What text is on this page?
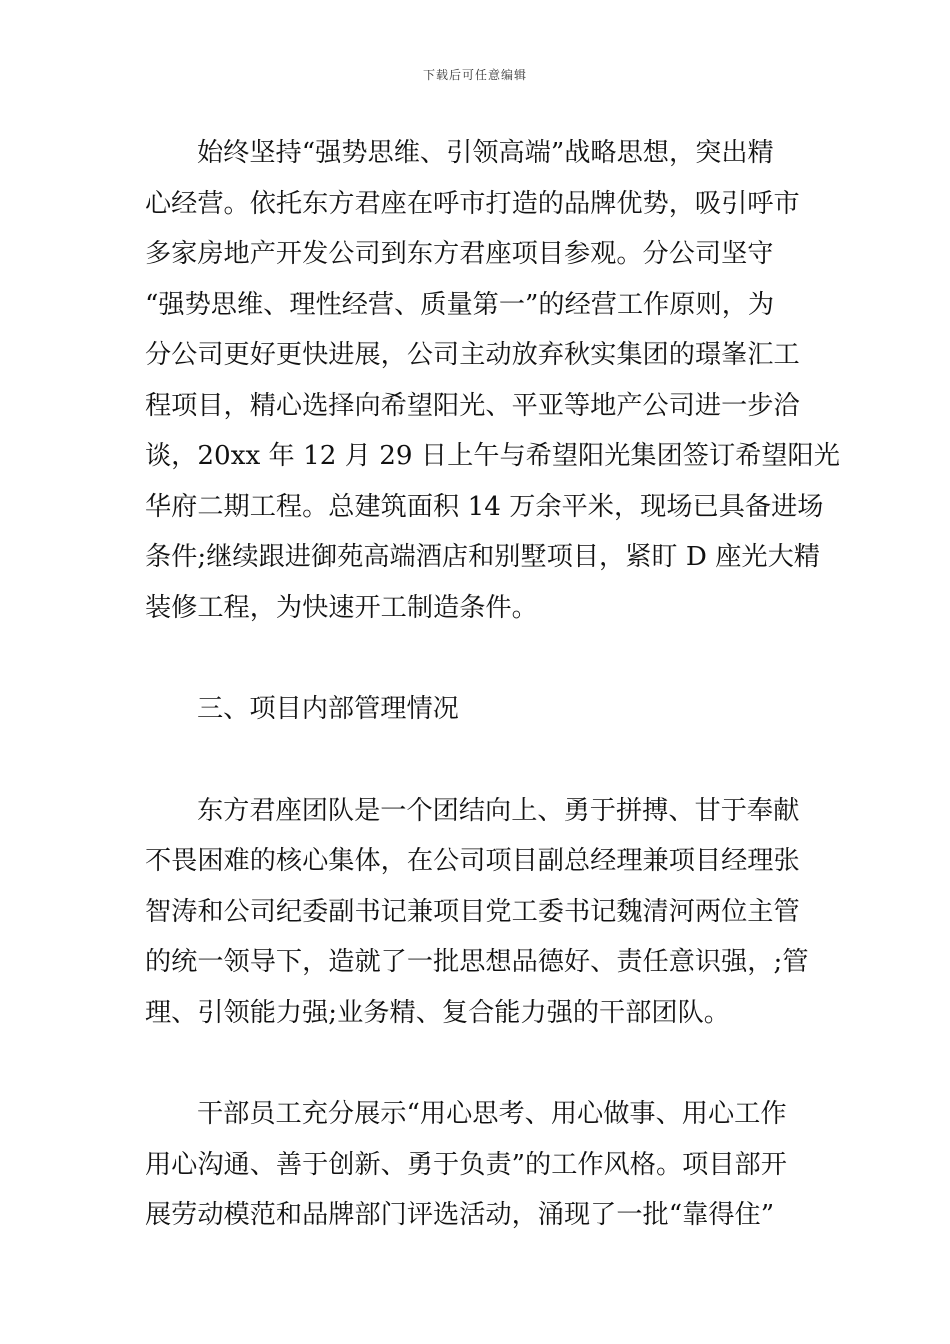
下载后可任意编辑

始终坚持“强势思维、引领高端”战略思想，突出精
心经营。依托东方君座在呼市打造的品牌优势，吸引呼市
多家房地产开发公司到东方君座项目参观。分公司坚守
“强势思维、理性经营、质量第一”的经营工作原则，为
分公司更好更快进展，公司主动放弃秋实集团的璟峯汇工
程项目，精心选择向希望阳光、平亚等地产公司进一步洽
谈，20xx 年 12 月 29 日上午与希望阳光集团签订希望阳光
华府二期工程。总建筑面积 14 万余平米，现场已具备进场
条件;继续跟进御苑高端酒店和别墅项目，紧盯 D 座光大精
装修工程，为快速开工制造条件。

三、项目内部管理情况

东方君座团队是一个团结向上、勇于拼搏、甘于奉献
不畏困难的核心集体，在公司项目副总经理兼项目经理张
智涛和公司纪委副书记兼项目党工委书记魏清河两位主管
的统一领导下，造就了一批思想品德好、责任意识强，;管
理、引领能力强;业务精、复合能力强的干部团队。

干部员工充分展示“用心思考、用心做事、用心工作
用心沟通、善于创新、勇于负责”的工作风格。项目部开
展劳动模范和品牌部门评选活动，涌现了一批“靠得住”
